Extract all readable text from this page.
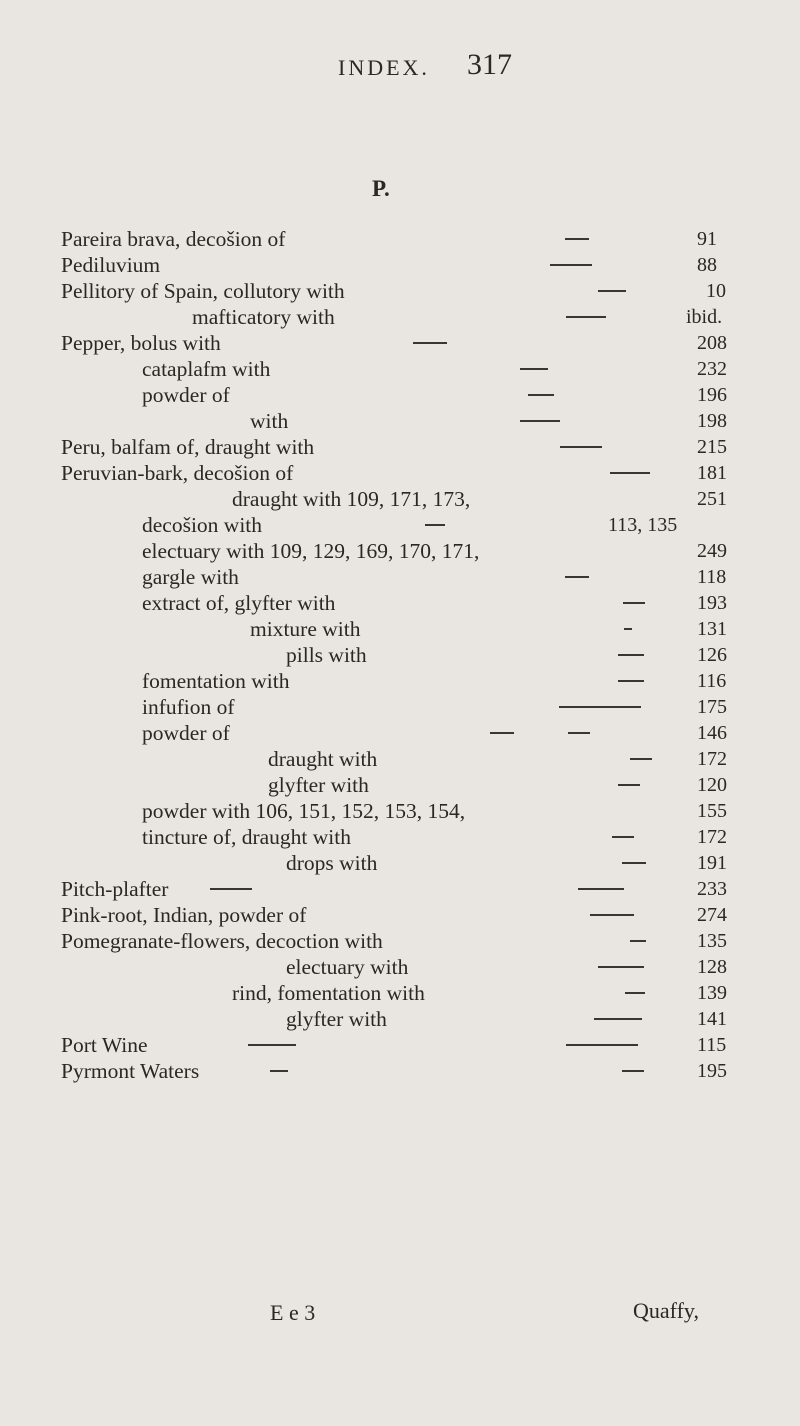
INDEX. 317
P.
Pareira brava, decošion of	91
Pediluvium	88
Pellitory of Spain, collutory with	10
mafticatory with	ibid.
Pepper, bolus with	208
cataplafm with	232
powder of	196
with	198
Peru, balfam of, draught with	215
Peruvian-bark, decošion of	181
draught with 109, 171, 173,	251
decošion with	113, 135
electuary with 109, 129, 169, 170, 171,	249
gargle with	118
extract of, glyfter with	193
mixture with	131
pills with	126
fomentation with	116
infufion of	175
powder of	146
draught with	172
glyfter with	120
powder with 106, 151, 152, 153, 154,	155
tincture of, draught with	172
drops with	191
Pitch-plafter	233
Pink-root, Indian, powder of	274
Pomegranate-flowers, decoction with	135
electuary with	128
rind, fomentation with	139
glyfter with	141
Port Wine	115
Pyrmont Waters	195
E e 3	Quaffy,
